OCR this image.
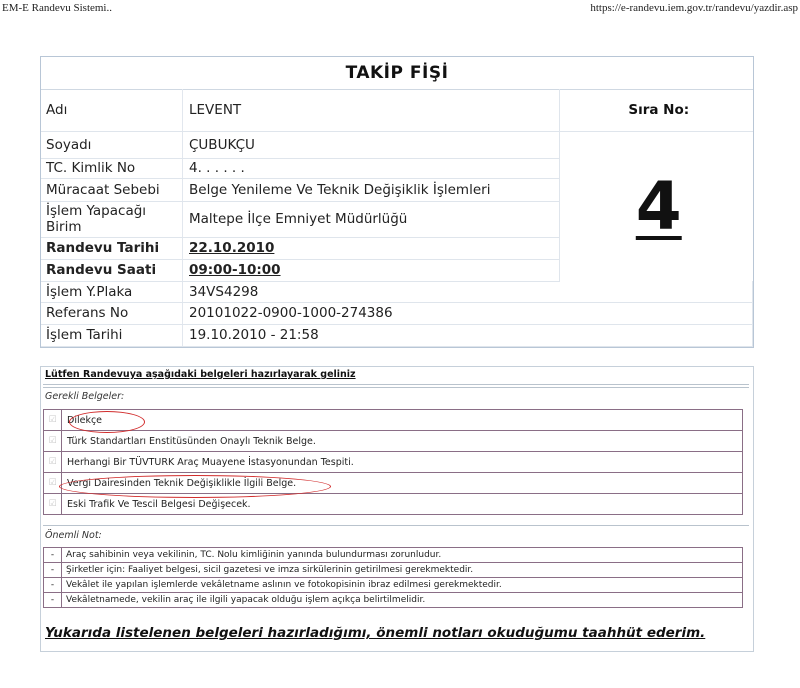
EM-E Randevu Sistemi..	https://e-randevu.iem.gov.tr/randevu/yazdir.asp
TAKİP FİŞİ
Adı	LEVENT	Sıra No:
Soyadı	ÇUBUKÇU	4
TC. Kimlik No	4. . . . . .	
Müracaat Sebebi	Belge Yenileme Ve Teknik Değişiklik İşlemleri	
İşlem Yapacağı Birim	Maltepe İlçe Emniyet Müdürlüğü	
Randevu Tarihi	22.10.2010	
Randevu Saati	09:00-10:00	
İşlem Y.Plaka	34VS4298	
Referans No	20101022-0900-1000-274386	
İşlem Tarihi	19.10.2010 - 21:58	
Lütfen Randevuya aşağıdaki belgeleri hazırlayarak geliniz
Gerekli Belgeler:
☑	Dilekçe
☑	Türk Standartları Enstitüsünden Onaylı Teknik Belge.
☑	Herhangi Bir TÜVTURK Araç Muayene İstasyonundan Tespiti.
☑	Vergi Dairesinden Teknik Değişiklikle İlgili Belge.
☑	Eski Trafik Ve Tescil Belgesi Değişecek.
Önemli Not:
-	Araç sahibinin veya vekilinin, TC. Nolu kimliğinin yanında bulundurması zorunludur.
-	Şirketler için: Faaliyet belgesi, sicil gazetesi ve imza sirkülerinin getirilmesi gerekmektedir.
-	Vekâlet ile yapılan işlemlerde vekâletname aslının ve fotokopisinin ibraz edilmesi gerekmektedir.
-	Vekâletnamede, vekilin araç ile ilgili yapacak olduğu işlem açıkça belirtilmelidir.
Yukarıda listelenen belgeleri hazırladığımı, önemli notları okuduğumu taahhüt ederim.
